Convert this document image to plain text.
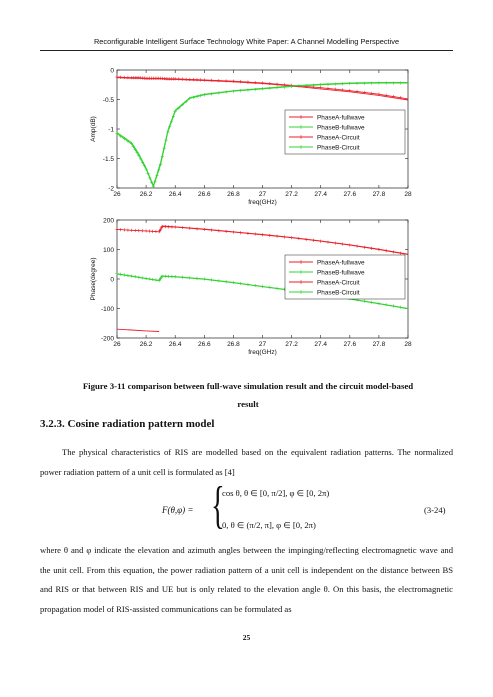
Reconfigurable Intelligent Surface Technology White Paper: A Channel Modelling Perspective
26	26.2	26.4	26.6	26.8	27	27.2	27.4	27.6	27.8	28
-2
-1.5
-1
-0.5
0
freq(GHz)
Amp(dB)	PhaseA-fullwave
PhaseB-fullwave
PhaseA-Circuit
PhaseB-Circuit
26	26.2	26.4	26.6	26.8	27	27.2	27.4	27.6	27.8	28
-200
-100
0
100
200
freq(GHz)
Phase(degree)	PhaseA-fullwave
PhaseB-fullwave
PhaseA-Circuit
PhaseB-Circuit
Figure 3-11 comparison between full-wave simulation result and the circuit model-based
result
3.2.3. Cosine radiation pattern model
The physical characteristics of RIS are modelled based on the equivalent radiation patterns. The normalized power radiation pattern of a unit cell is formulated as [4]
F(θ,φ) = {
cos θ, θ ∈ [0, π/2], φ ∈ [0, 2π)
0, θ ∈ (π/2, π], φ ∈ [0, 2π)
(3-24)
where θ and φ indicate the elevation and azimuth angles between the impinging/reflecting electromagnetic wave and the unit cell. From this equation, the power radiation pattern of a unit cell is independent on the distance between BS and RIS or that between RIS and UE but is only related to the elevation angle θ. On this basis, the electromagnetic propagation model of RIS-assisted communications can be formulated as
25
